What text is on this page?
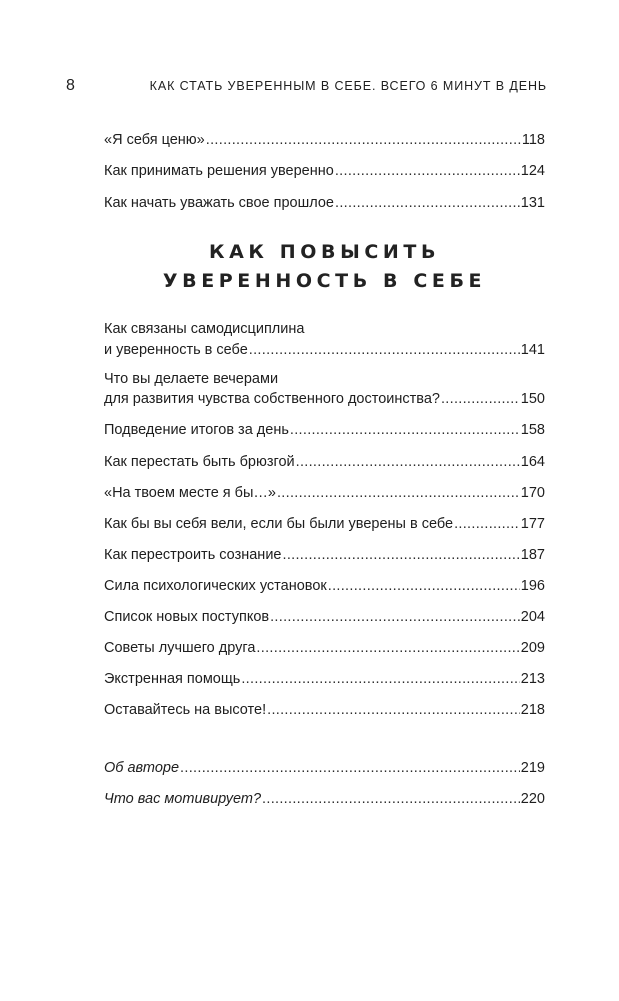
8	КАК СТАТЬ УВЕРЕННЫМ В СЕБЕ. ВСЕГО 6 МИНУТ В ДЕНЬ
«Я себя ценю» .....	118
Как принимать решения уверенно .....	124
Как начать уважать свое прошлое .....	131
КАК ПОВЫСИТЬ
УВЕРЕННОСТЬ В СЕБЕ
Как связаны самодисциплина
и уверенность в себе .....	141
Что вы делаете вечерами
для развития чувства собственного достоинства? .....	150
Подведение итогов за день .....	158
Как перестать быть брюзгой .....	164
«На твоем месте я бы…» .....	170
Как бы вы себя вели, если бы были уверены в себе .....	177
Как перестроить сознание .....	187
Сила психологических установок .....	196
Список новых поступков .....	204
Советы лучшего друга .....	209
Экстренная помощь .....	213
Оставайтесь на высоте! .....	218
Об авторе .....	219
Что вас мотивирует? .....	220
